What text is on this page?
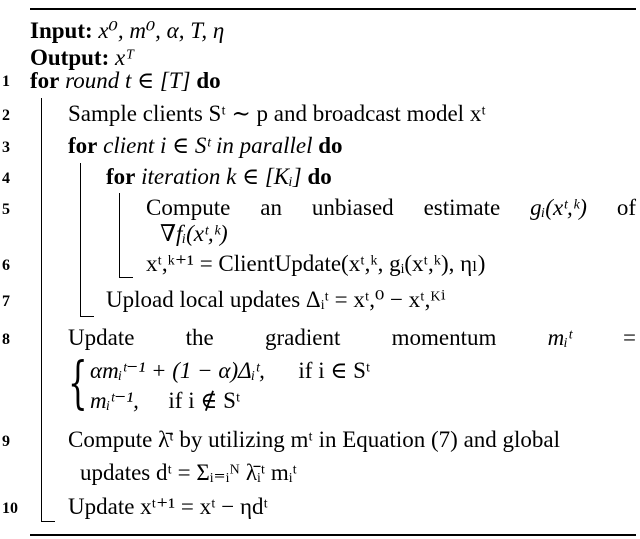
Input: x⁰, m⁰, α, T, η
Output: xᵀ
1 for round t ∈ [T] do
2	Sample clients Sᵗ ∼ p and broadcast model xᵗ
3	for client i ∈ Sᵗ in parallel do
4	for iteration k ∈ [Kᵢ] do
5	Compute an unbiased estimate gᵢ(xᵗ,ᵏ) of
∇fᵢ(xᵗ,ᵏ)
6	xᵗ,ᵏ⁺¹ = ClientUpdate(xᵗ,ᵏ, gᵢ(xᵗ,ᵏ), ηₗ)
7	Upload local updates Δᵢᵗ = xᵗ,⁰ − xᵗ,ᴷⁱ
8	Update the gradient momentum mᵢᵗ =
{ αmᵢᵗ⁻¹ + (1 − α)Δᵢᵗ, if i ∈ Sᵗ
mᵢᵗ⁻¹, if i ∉ Sᵗ
9	Compute λ̄ᵗ by utilizing mᵗ in Equation (7) and global
updates dᵗ = Σᵢ₌ᵢᴺ λ̄ᵢᵗ mᵢᵗ
10 Update xᵗ⁺¹ = xᵗ − ηdᵗ
